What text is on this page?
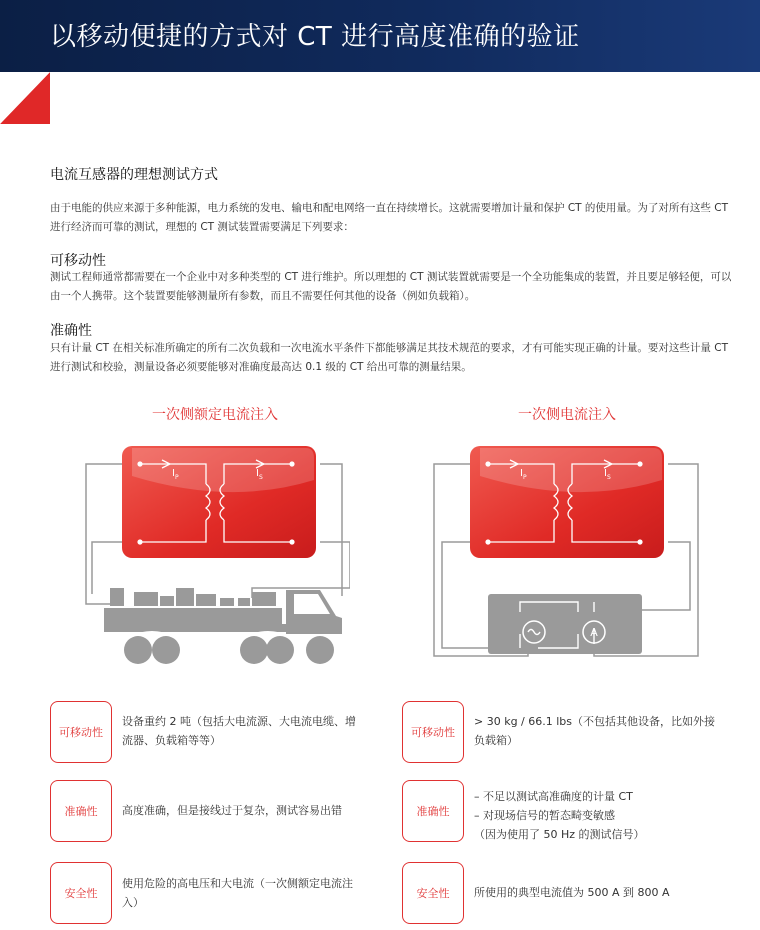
以移动便捷的方式对 CT 进行高度准确的验证
电流互感器的理想测试方式
由于电能的供应来源于多种能源，电力系统的发电、输电和配电网络一直在持续增长。这就需要增加计量和保护 CT 的使用量。为了对所有这些 CT 进行经济而可靠的测试，理想的 CT 测试装置需要满足下列要求：
可移动性
测试工程师通常都需要在一个企业中对多种类型的 CT 进行维护。所以理想的 CT 测试装置就需要是一个全功能集成的装置，并且要足够轻便，可以由一个人携带。这个装置要能够测量所有参数，而且不需要任何其他的设备（例如负载箱）。
准确性
只有计量 CT 在相关标准所确定的所有二次负载和一次电流水平条件下都能够满足其技术规范的要求，才有可能实现正确的计量。要对这些计量 CT 进行测试和校验，测量设备必须要能够对准确度最高达 0.1 级的 CT 给出可靠的测量结果。
一次侧额定电流注入
$I_P$	$I_S$
一次侧电流注入
$I_P$	$I_S$
A
可移动性
设备重约 2 吨（包括大电流源、大电流电缆、增
流器、负载箱等等）
准确性	高度准确，但是接线过于复杂，测试容易出错
安全性
使用危险的高电压和大电流（一次侧额定电流注
入）
可移动性
> 30 kg / 66.1 lbs（不包括其他设备，比如外接
负载箱）
准确性
– 不足以测试高准确度的计量 CT
– 对现场信号的暂态畸变敏感
（因为使用了 50 Hz 的测试信号）
安全性	所使用的典型电流值为 500 A 到 800 A
